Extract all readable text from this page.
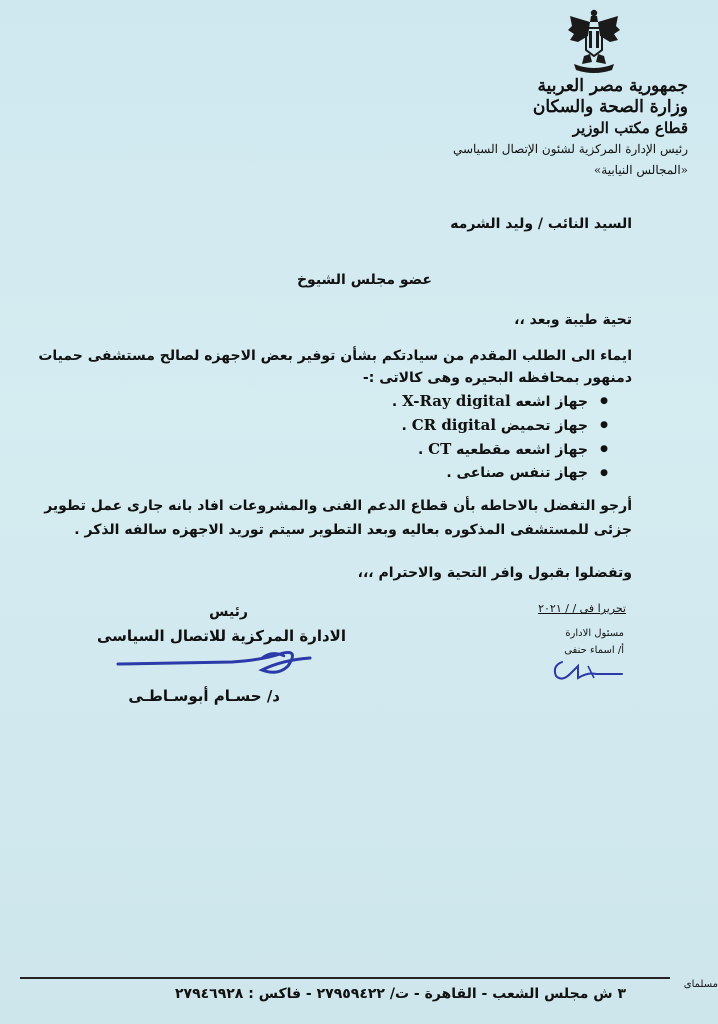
جمهورية مصر العربية
وزارة الصحة والسكان
قطاع مكتب الوزير
رئيس الإدارة المركزية لشئون الإتصال السياسي
«المجالس النيابية»
السيد النائب / وليد الشرمه
عضو مجلس الشيوخ
تحية طيبة وبعد ،،
ايماء الى الطلب المقدم من سيادتكم بشأن توفير بعض الاجهزه لصالح مستشفى حميات
دمنهور بمحافظه البحيره وهى كالاتى :-
● جهاز اشعه X-Ray digital .
● جهاز تحميض CR digital .
● جهاز اشعه مقطعيه CT .
● جهاز تنفس صناعى .
أرجو التفضل بالاحاطه بأن قطاع الدعم الفنى والمشروعات افاد بانه جارى عمل تطوير
جزئى للمستشفى المذكوره بعاليه وبعد التطوير سيتم توريد الاجهزه سالفه الذكر .
وتفضلوا بقبول وافر التحية والاحترام ،،،
رئيس
الادارة المركزية للاتصال السياسى
د/ حسـام أبوسـاطـى
تحريرا فى / / ٢٠٢١
مسئول الادارة
أ/ اسماء حنفى
٣ ش مجلس الشعب - القاهرة - ت/ ٢٧٩٥٩٤٢٢ - فاكس : ٢٧٩٤٦٩٢٨
مسلماى
